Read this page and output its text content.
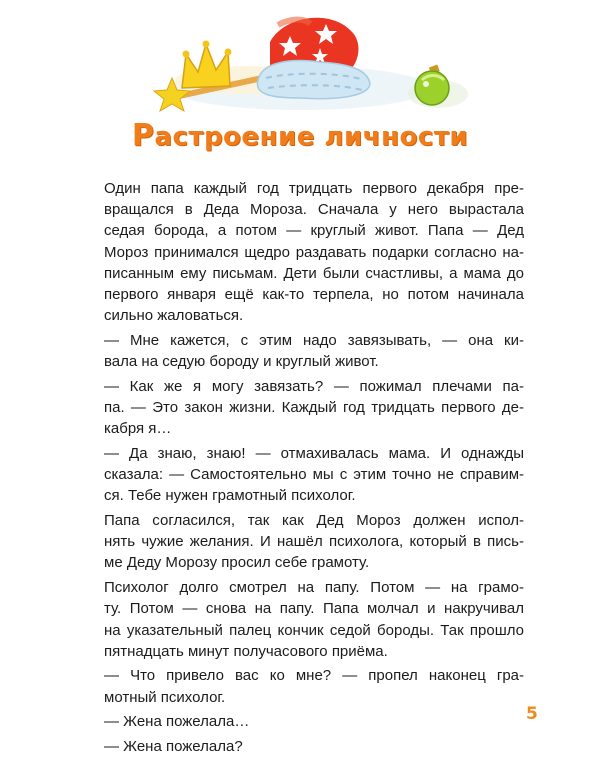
Растроение личности
Один папа каждый год тридцать первого декабря пре-
вращался в Деда Мороза. Сначала у него вырастала
седая борода, а потом — круглый живот. Папа — Дед
Мороз принимался щедро раздавать подарки согласно на-
писанным ему письмам. Дети были счастливы, а мама до
первого января ещё как-то терпела, но потом начинала
сильно жаловаться.
— Мне кажется, с этим надо завязывать, — она ки-
вала на седую бороду и круглый живот.
— Как же я могу завязать? — пожимал плечами па-
па. — Это закон жизни. Каждый год тридцать первого де-
кабря я…
— Да знаю, знаю! — отмахивалась мама. И однажды
сказала: — Самостоятельно мы с этим точно не справим-
ся. Тебе нужен грамотный психолог.
Папа согласился, так как Дед Мороз должен испол-
нять чужие желания. И нашёл психолога, который в пись-
ме Деду Морозу просил себе грамоту.
Психолог долго смотрел на папу. Потом — на грамо-
ту. Потом — снова на папу. Папа молчал и накручивал
на указательный палец кончик седой бороды. Так прошло
пятнадцать минут получасового приёма.
— Что привело вас ко мне? — пропел наконец гра-
мотный психолог.
— Жена пожелала…
— Жена пожелала?
5
